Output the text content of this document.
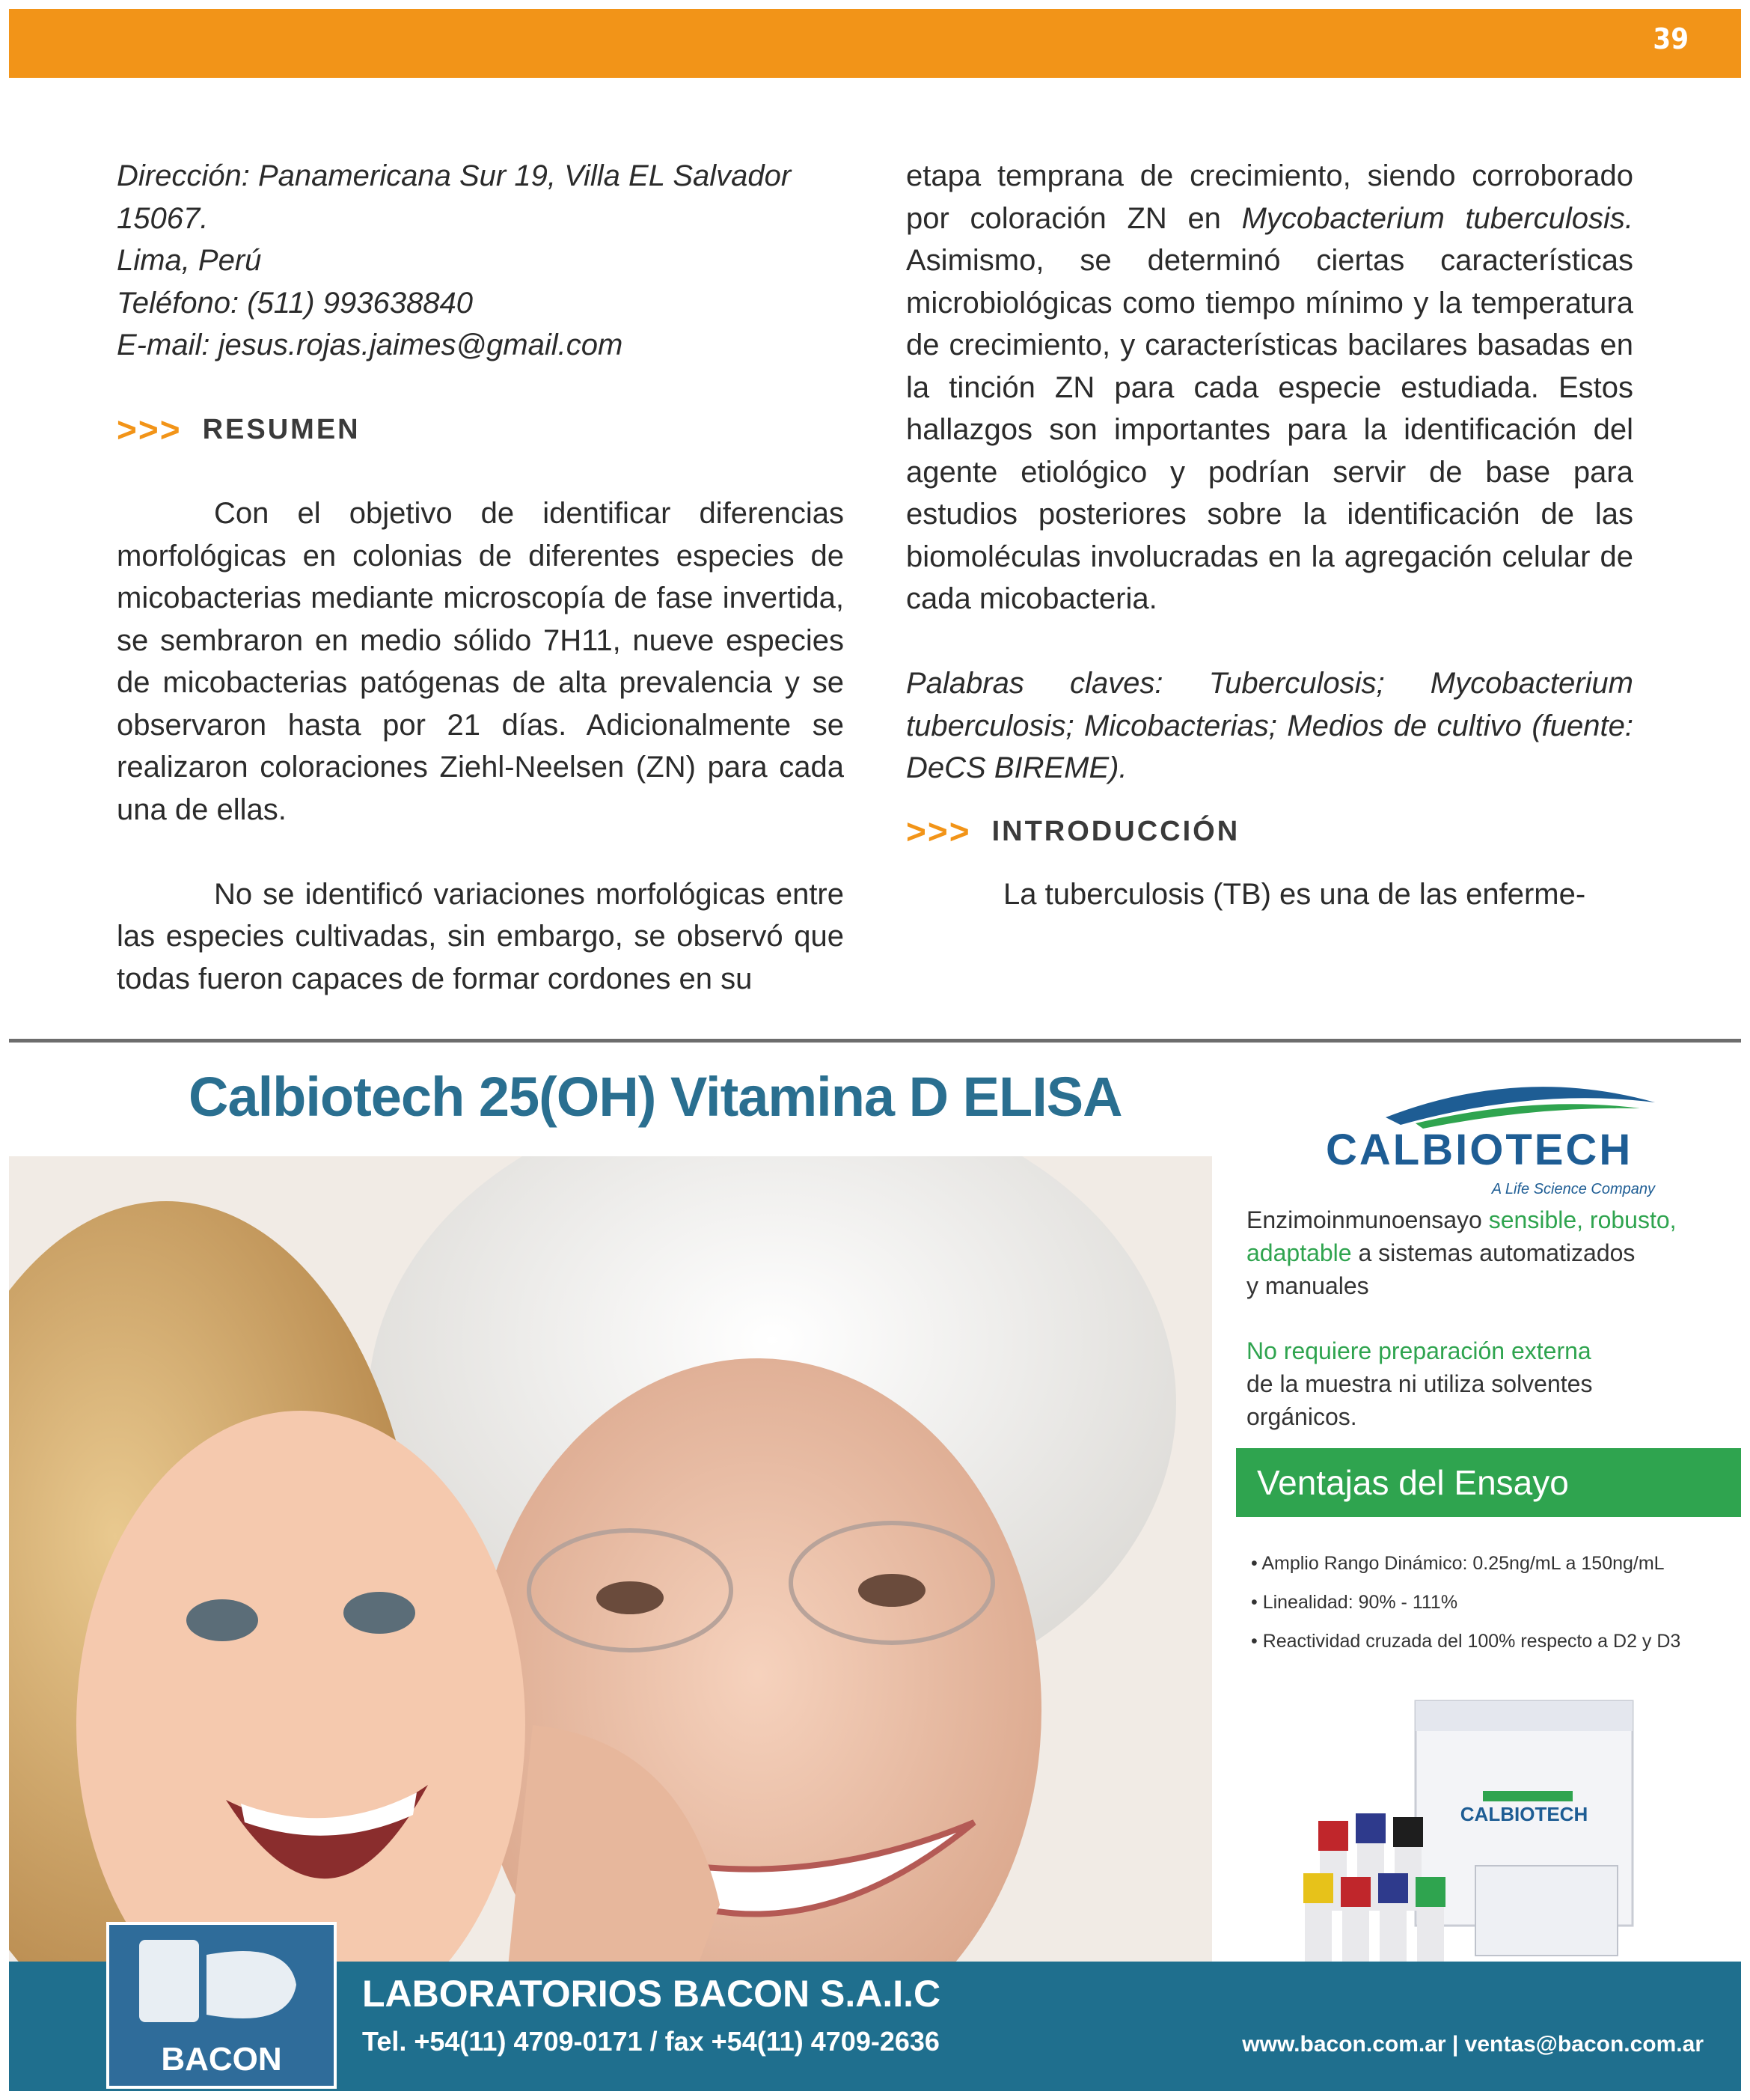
39

Dirección: Panamericana Sur 19, Villa EL Salvador 15067.

Lima, Perú

Teléfono: (511) 993638840

E-mail: jesus.rojas.jaimes@gmail.com

>>> RESUMEN

Con el objetivo de identificar diferencias morfológicas en colonias de diferentes especies de micobacterias mediante microscopía de fase invertida, se sembraron en medio sólido 7H11, nueve especies de micobacterias patógenas de alta prevalencia y se observaron hasta por 21 días. Adicionalmente se realizaron coloraciones Ziehl-Neelsen (ZN) para cada una de ellas.

No se identificó variaciones morfológicas entre las especies cultivadas, sin embargo, se observó que todas fueron capaces de formar cordones en su

etapa temprana de crecimiento, siendo corroborado por coloración ZN en Mycobacterium tuberculosis. Asimismo, se determinó ciertas características microbiológicas como tiempo mínimo y la temperatura de crecimiento, y características bacilares basadas en la tinción ZN para cada especie estudiada. Estos hallazgos son importantes para la identificación del agente etiológico y podrían servir de base para estudios posteriores sobre la identificación de las biomoléculas involucradas en la agregación celular de cada micobacteria.

Palabras claves: Tuberculosis; Mycobacterium tuberculosis; Micobacterias; Medios de cultivo (fuente: DeCS BIREME).

>>> INTRODUCCIÓN

La tuberculosis (TB) es una de las enferme-

Calbiotech 25(OH) Vitamina D ELISA
CALBIOTECH
A Life Science Company
Enzimoinmunoensayo sensible, robusto,
adaptable a sistemas automatizados
y manuales
No requiere preparación externa
de la muestra ni utiliza solventes
orgánicos.
Ventajas del Ensayo
• Amplio Rango Dinámico: 0.25ng/mL a 150ng/mL
• Linealidad: 90% - 111%
• Reactividad cruzada del 100% respecto a D2 y D3
CALBIOTECH
BACON
LABORATORIOS BACON S.A.I.C
Tel. +54(11) 4709-0171 / fax +54(11) 4709-2636	www.bacon.com.ar | ventas@bacon.com.ar
